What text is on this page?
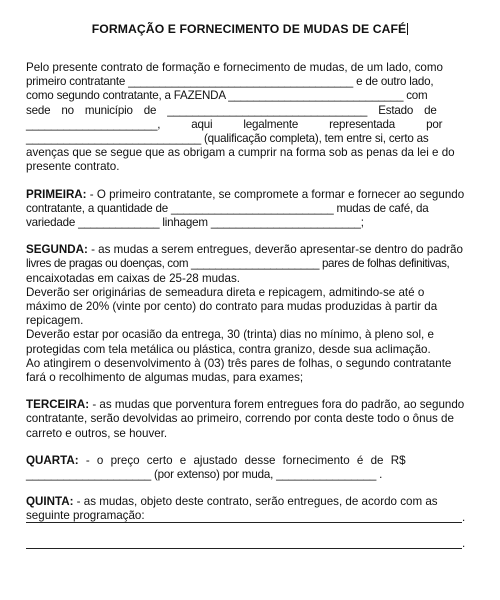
FORMAÇÃO E FORNECIMENTO DE MUDAS DE CAFÉ

Pelo presente contrato de formação e fornecimento de mudas, de um lado, como

primeiro contratante ____________________________________ e de outro lado,

como segundo contratante, a FAZENDA ____________________________ com

sede no município de ________________________________ Estado de

_____________________, aqui legalmente representada por

____________________________ (qualificação completa), tem entre si, certo as

avenças que se segue que as obrigam a cumprir na forma sob as penas da lei e do

presente contrato.

PRIMEIRA: - O primeiro contratante, se compromete a formar e fornecer ao segundo

contratante, a quantidade de __________________________ mudas de café, da

variedade _____________ linhagem ________________________;

SEGUNDA: - as mudas a serem entregues, deverão apresentar-se dentro do padrão

livres de pragas ou doenças, com _____________________ pares de folhas definitivas,

encaixotadas em caixas de 25-28 mudas.

Deverão ser originárias de semeadura direta e repicagem, admitindo-se até o

máximo de 20% (vinte por cento) do contrato para mudas produzidas à partir da

repicagem.

Deverão estar por ocasião da entrega, 30 (trinta) dias no mínimo, à pleno sol, e

protegidas com tela metálica ou plástica, contra granizo, desde sua aclimação.

Ao atingirem o desenvolvimento à (03) três pares de folhas, o segundo contratante

fará o recolhimento de algumas mudas, para exames;

TERCEIRA: - as mudas que porventura forem entregues fora do padrão, ao segundo

contratante, serão devolvidas ao primeiro, correndo por conta deste todo o ônus de

carreto e outros, se houver.

QUARTA: - o preço certo e ajustado desse fornecimento é de R$

____________________ (por extenso) por muda, ________________ .

QUINTA: - as mudas, objeto deste contrato, serão entregues, de acordo com as

seguinte programação:	.
.
